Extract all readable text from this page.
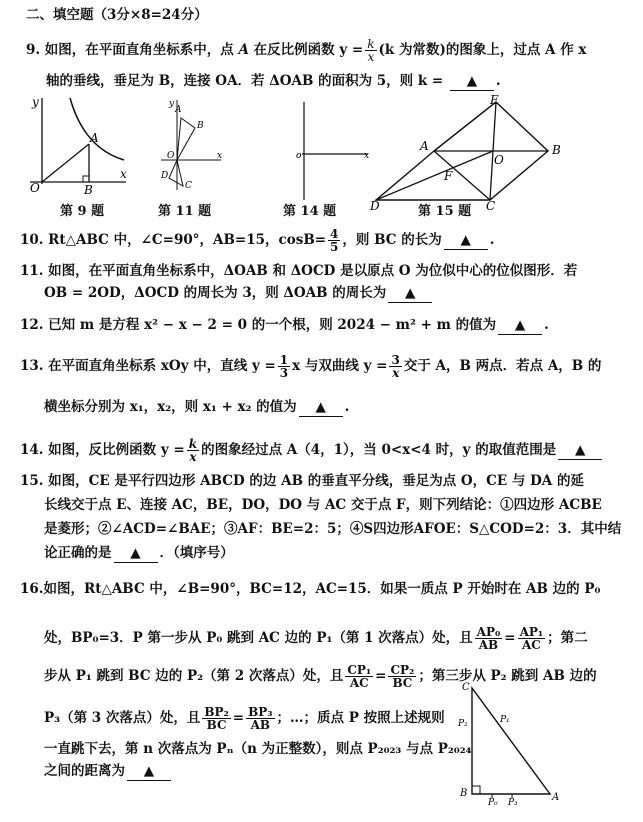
二、填空题（3分×8=24分）
9. 如图，在平面直角坐标系中，点 A 在反比例函数 $y = \frac{k}{x} (k$ 为常数)的图象上，过点 A 作 x
轴的垂线，垂足为 B，连接 OA．若 ΔOAB 的面积为 5，则 k = ▲ .
y
x
O
A
B
第 9 题
y
x
O
A
B
C
D
第 11 题
o	x
第 14 题
E
B
A
O
F
D	C
第 15 题
10. Rt△ABC 中，∠C=90°，AB=15，$\cos B= \frac{4}{5}$ ，则 BC 的长为 ▲ .
11. 如图，在平面直角坐标系中，ΔOAB 和 ΔOCD 是以原点 O 为位似中心的位似图形．若
OB = 2OD，ΔOCD 的周长为 3，则 ΔOAB 的周长为 ▲
12. 已知 m 是方程 x² − x − 2 = 0 的一个根，则 2024 − m² + m 的值为 ▲ .
13. 在平面直角坐标系 xOy 中，直线 $y = \frac{1}{3}$ x 与双曲线 $y = \frac{3}{x}$ 交于 A，B 两点．若点 A，B 的
横坐标分别为 x₁，x₂，则 x₁ + x₂ 的值为 ▲ .
14. 如图，反比例函数 $y = \frac{k}{x}$ 的图象经过点 A（4，1），当 0<x<4 时，y 的取值范围是 ▲
15. 如图，CE 是平行四边形 ABCD 的边 AB 的垂直平分线，垂足为点 O，CE 与 DA 的延
长线交于点 E、连接 AC，BE，DO，DO 与 AC 交于点 F，则下列结论：①四边形 ACBE
是菱形；②∠ACD=∠BAE；③AF：BE=2：5；④S四边形AFOE：S△COD=2：3．其中结
论正确的是 ▲ ．（填序号）
16.如图，Rt△ABC 中，∠B=90°，BC=12，AC=15．如果一质点 P 开始时在 AB 边的 P₀
处，BP₀=3．P 第一步从 P₀ 跳到 AC 边的 P₁（第 1 次落点）处，且 $\frac{\text{AP₀}}{AB} = \frac{\text{AP₁}}{AC}$ ；第二
步从 P₁ 跳到 BC 边的 P₂（第 2 次落点）处，且 $\frac{\text{CP₁}}{AC} = \frac{\text{CP₂}}{BC}$ ；第三步从 P₂ 跳到 AB 边的
P₃（第 3 次落点）处，且 $\frac{\text{BP₂}}{BC} = \frac{\text{BP₃}}{AB}$ ；…；质点 P 按照上述规则
一直跳下去，第 n 次落点为 Pₙ（n 为正整数），则点 P₂₀₂₃ 与点 P₂₀₂₄
之间的距离为 ▲
C
B	A
P₀ P₃
P₂	P₁
